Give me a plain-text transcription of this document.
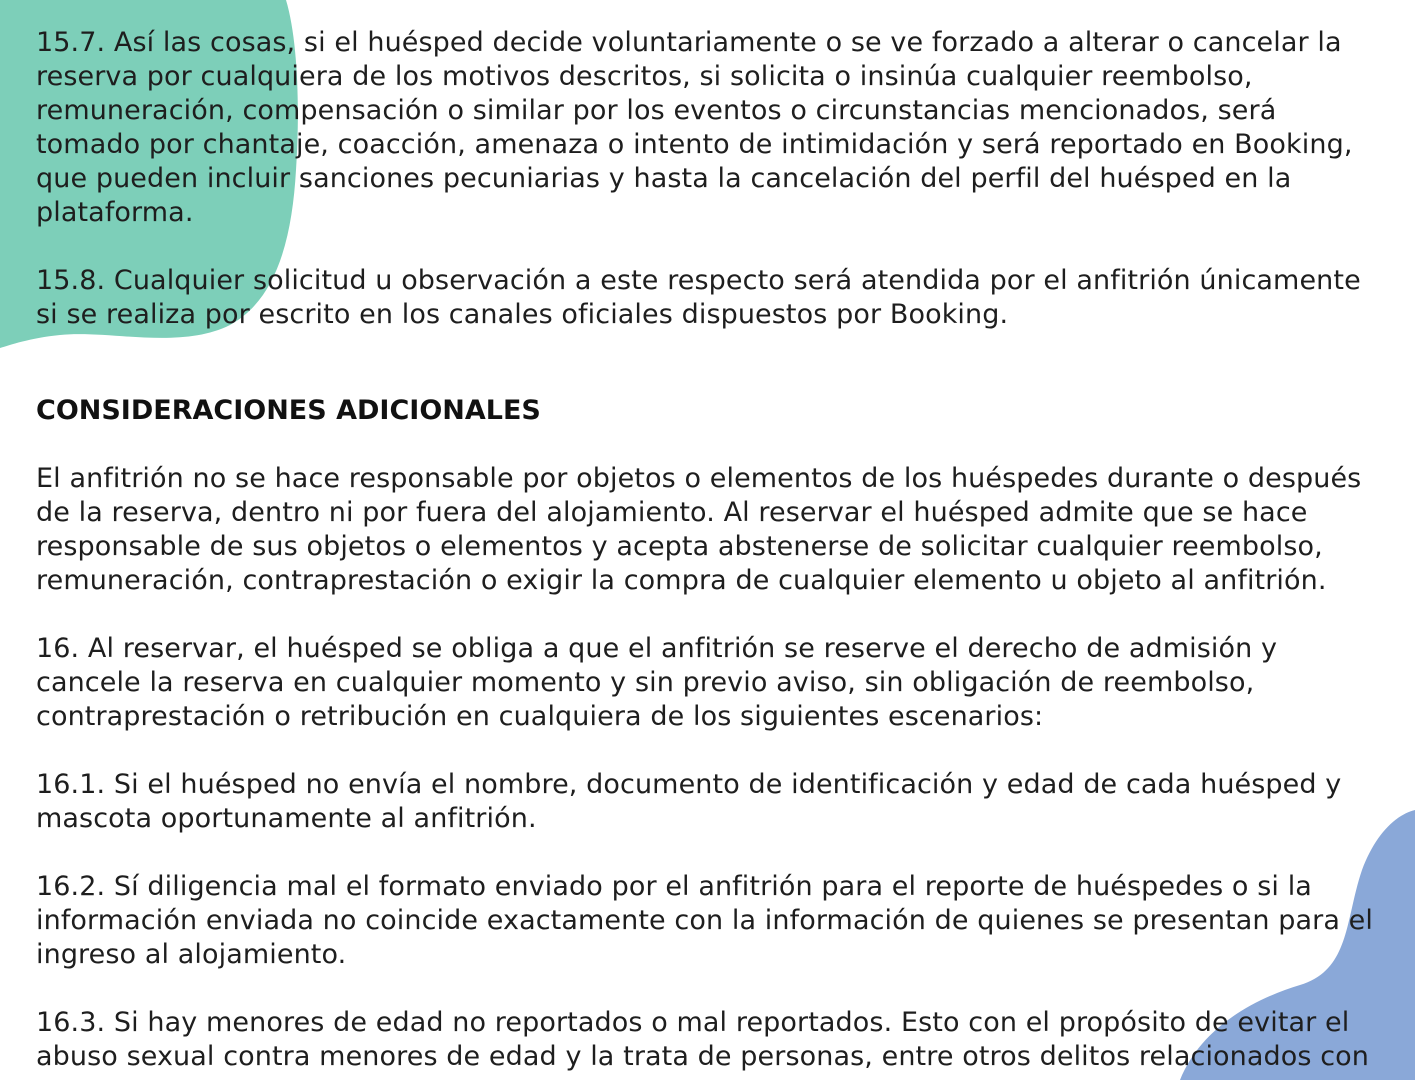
15.7. Así las cosas, si el huésped decide voluntariamente o se ve forzado a alterar o cancelar la reserva por cualquiera de los motivos descritos, si solicita o insinúa cualquier reembolso, remuneración, compensación o similar por los eventos o circunstancias mencionados, será tomado por chantaje, coacción, amenaza o intento de intimidación y será reportado en Booking, que pueden incluir sanciones pecuniarias y hasta la cancelación del perfil del huésped en la plataforma.

15.8. Cualquier solicitud u observación a este respecto será atendida por el anfitrión únicamente si se realiza por escrito en los canales oficiales dispuestos por Booking.

CONSIDERACIONES ADICIONALES

El anfitrión no se hace responsable por objetos o elementos de los huéspedes durante o después de la reserva, dentro ni por fuera del alojamiento. Al reservar el huésped admite que se hace responsable de sus objetos o elementos y acepta abstenerse de solicitar cualquier reembolso, remuneración, contraprestación o exigir la compra de cualquier elemento u objeto al anfitrión.

16. Al reservar, el huésped se obliga a que el anfitrión se reserve el derecho de admisión y cancele la reserva en cualquier momento y sin previo aviso, sin obligación de reembolso, contraprestación o retribución en cualquiera de los siguientes escenarios:

16.1. Si el huésped no envía el nombre, documento de identificación y edad de cada huésped y mascota oportunamente al anfitrión.

16.2. Sí diligencia mal el formato enviado por el anfitrión para el reporte de huéspedes o si la información enviada no coincide exactamente con la información de quienes se presentan para el ingreso al alojamiento.

16.3. Si hay menores de edad no reportados o mal reportados. Esto con el propósito de evitar el abuso sexual contra menores de edad y la trata de personas, entre otros delitos relacionados con
